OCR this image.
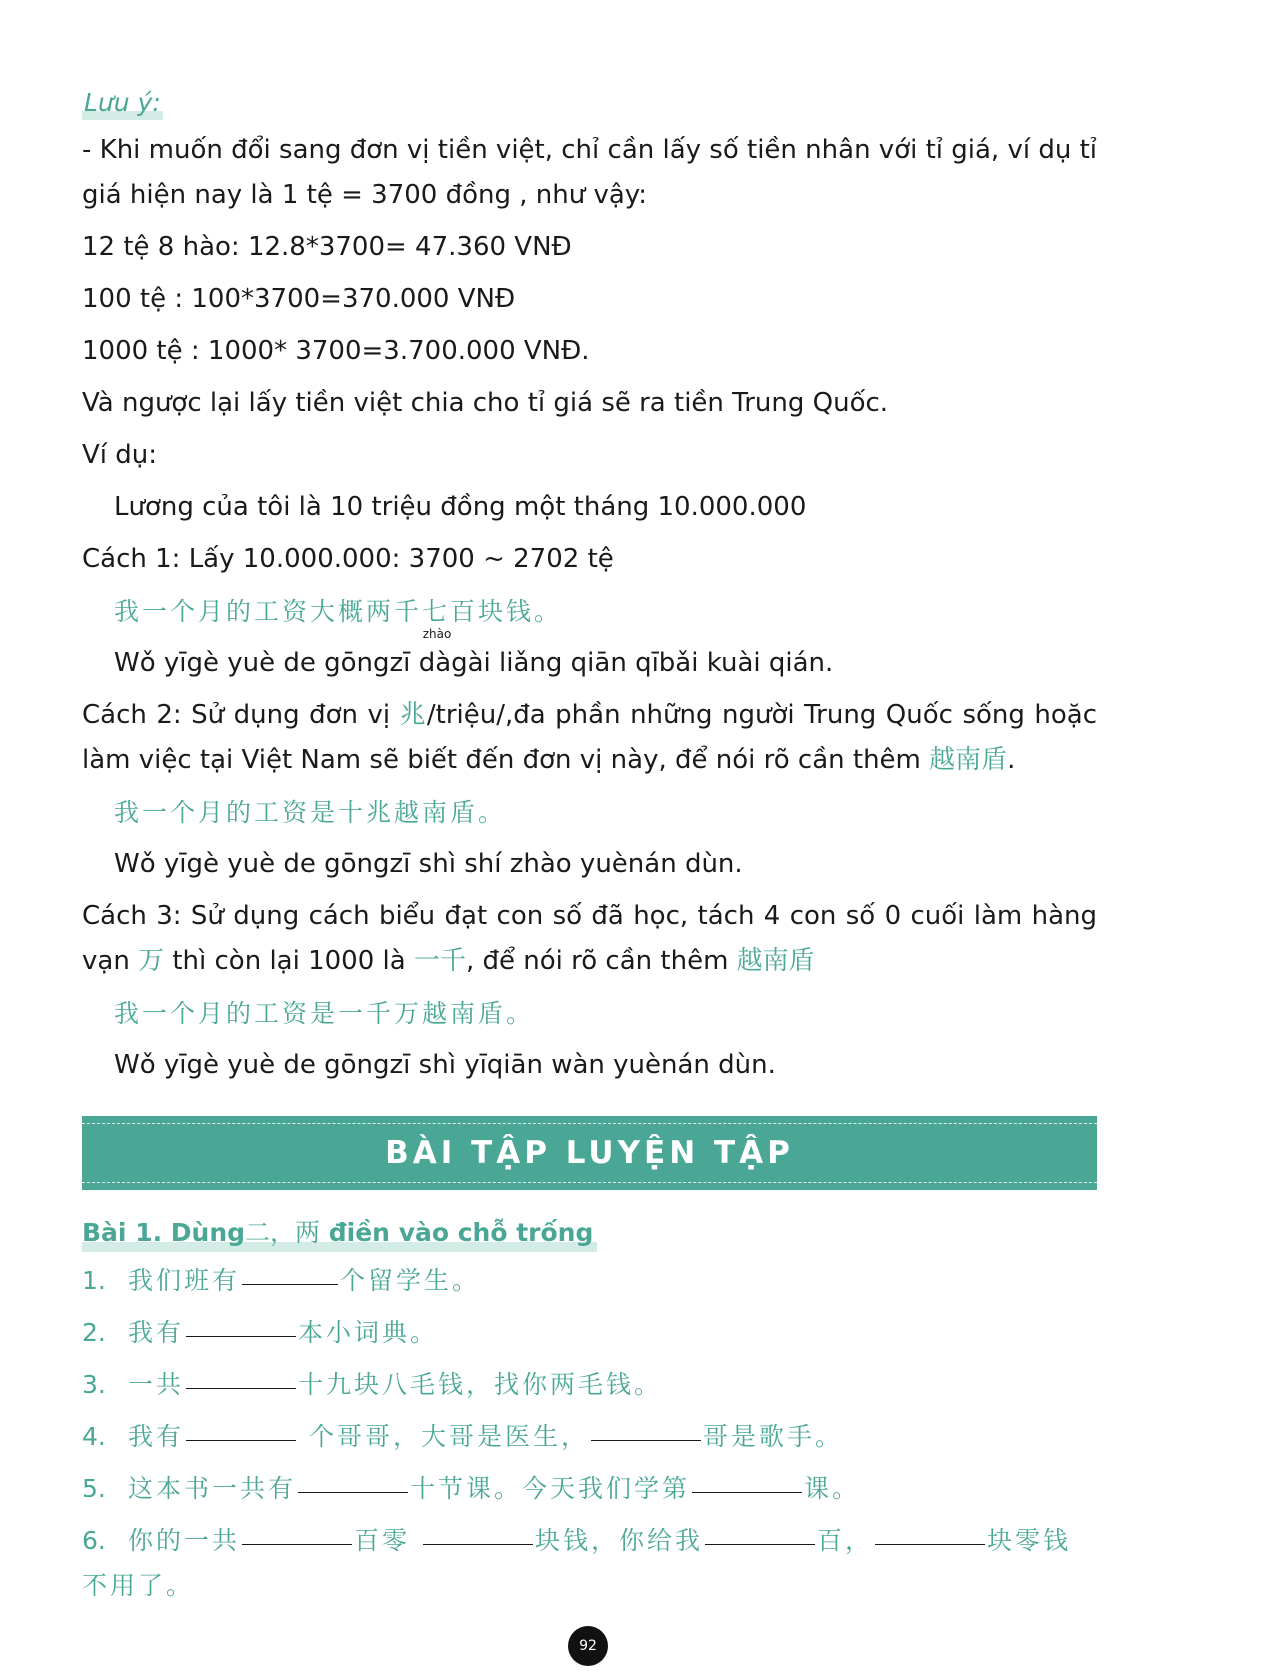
Lưu ý:
- Khi muốn đổi sang đơn vị tiền việt, chỉ cần lấy số tiền nhân với tỉ giá, ví dụ tỉ giá hiện nay là 1 tệ = 3700 đồng , như vậy:
12 tệ 8 hào: 12.8*3700= 47.360 VNĐ
100 tệ : 100*3700=370.000 VNĐ
1000 tệ : 1000* 3700=3.700.000 VNĐ.
Và ngược lại lấy tiền việt chia cho tỉ giá sẽ ra tiền Trung Quốc.
Ví dụ:
Lương của tôi là 10 triệu đồng một tháng 10.000.000
Cách 1: Lấy 10.000.000: 3700 ~ 2702 tệ
我一个月的工资大概两千七百块钱。
Wǒ yīgè yuè de gōngzī
zhào
dàgài liǎng qiān qībǎi kuài qián.
Cách 2: Sử dụng đơn vị 兆/triệu/,đa phần những người Trung Quốc sống hoặc làm việc tại Việt Nam sẽ biết đến đơn vị này, để nói rõ cần thêm 越南盾.
我一个月的工资是十兆越南盾。
Wǒ yīgè yuè de gōngzī shì shí zhào yuènán dùn.
Cách 3: Sử dụng cách biểu đạt con số đã học, tách 4 con số 0 cuối làm hàng vạn 万 thì còn lại 1000 là 一千, để nói rõ cần thêm 越南盾
我一个月的工资是一千万越南盾。
Wǒ yīgè yuè de gōngzī shì yīqiān wàn yuènán dùn.
BÀI TẬP LUYỆN TẬP
Bài 1. Dùng二，两 điền vào chỗ trống
1. 我们班有	个留学生。
2. 我有	本小词典。
3. 一共	十九块八毛钱，找你两毛钱。
4. 我有	个哥哥，大哥是医生，	哥是歌手。
5. 这本书一共有	十节课。今天我们学第	课。
6. 你的一共	百零	块钱，你给我	百，	块零钱不用了。
92
